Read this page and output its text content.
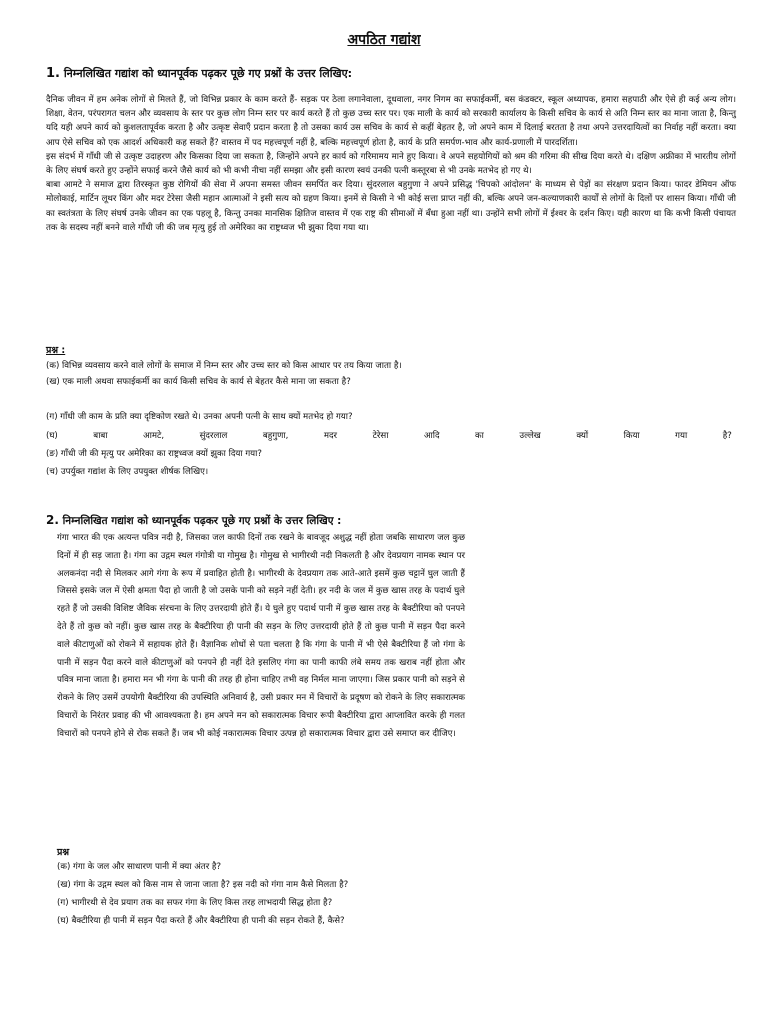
अपठित गद्यांश
1. निम्नलिखित गद्यांश को ध्यानपूर्वक पढ़कर पूछे गए प्रश्नों के उत्तर लिखिए:

दैनिक जीवन में हम अनेक लोगों से मिलते हैं, जो विभिन्न प्रकार के काम करते हैं- सड़क पर ठेला लगानेवाला, दूधवाला, नगर निगम का सफाईकर्मी, बस कंडक्टर, स्कूल अध्यापक, हमारा सहपाठी और ऐसे ही कई अन्य लोग। शिक्षा, वेतन, परंपरागत चलन और व्यवसाय के स्तर पर कुछ लोग निम्न स्तर पर कार्य करते हैं तो कुछ उच्च स्तर पर। एक माली के कार्य को सरकारी कार्यालय के किसी सचिव के कार्य से अति निम्न स्तर का माना जाता है, किन्तु यदि यही अपने कार्य को कुशलतापूर्वक करता है और उत्कृष्ट सेवाएँ प्रदान करता है तो उसका कार्य उस सचिव के कार्य से कहीं बेहतर है, जो अपने काम में दिलाई बरतता है तथा अपने उत्तरदायित्वों का निर्वाह नहीं करता। क्या आप ऐसे सचिव को एक आदर्श अधिकारी कह सकते हैं? वास्तव में पद महत्त्वपूर्ण नहीं है, बल्कि महत्त्वपूर्ण होता है, कार्य के प्रति समर्पण-भाव और कार्य-प्रणाली में पारदर्शिता।

इस संदर्भ में गाँधी जी से उत्कृष्ट उदाहरण और किसका दिया जा सकता है, जिन्होंने अपने हर कार्य को गरिमामय माने हुए किया। वे अपने सहयोगियों को श्रम की गरिमा की सीख दिया करते थे। दक्षिण अफ्रीका में भारतीय लोगों के लिए संघर्ष करते हुए उन्होंने सफाई करने जैसे कार्य को भी कभी नीचा नहीं समझा और इसी कारण स्वयं उनकी पत्नी कस्तूरबा से भी उनके मतभेद हो गए थे।

बाबा आमटे ने समाज द्वारा तिरस्कृत कुष्ठ रोगियों की सेवा में अपना समस्त जीवन समर्पित कर दिया। सुंदरलाल बहुगुणा ने अपने प्रसिद्ध 'चिपको आंदोलन' के माध्यम से पेड़ों का संरक्षण प्रदान किया। फादर डेमियन ऑफ मोलोकाई, मार्टिन लूथर किंग और मदर टेरेसा जैसी महान आत्माओं ने इसी सत्य को ग्रहण किया। इनमें से किसी ने भी कोई सत्ता प्राप्त नहीं की, बल्कि अपने जन-कल्याणकारी कार्यों से लोगों के दिलों पर शासन किया। गाँधी जी का स्वतंत्रता के लिए संघर्ष उनके जीवन का एक पहलू है, किन्तु उनका मानसिक क्षितिज वास्तव में एक राष्ट्र की सीमाओं में बँधा हुआ नहीं था। उन्होंने सभी लोगों में ईश्वर के दर्शन किए। यही कारण था कि कभी किसी पंचायत तक के सदस्य नहीं बनने वाले गाँधी जी की जब मृत्यु हुई तो अमेरिका का राष्ट्रध्वज भी झुका दिया गया था।

प्रश्न :
(क) विभिन्न व्यवसाय करने वाले लोगों के समाज में निम्न स्तर और उच्च स्तर को किस आधार पर तय किया जाता है।
(ख) एक माली अथवा सफाईकर्मी का कार्य किसी सचिव के कार्य से बेहतर कैसे माना जा सकता है?
(ग) गाँधी जी काम के प्रति क्या दृष्टिकोण रखते थे। उनका अपनी पत्नी के साथ क्यों मतभेद हो गया?
(घ)	बाबा	आमटे,	सुंदरलाल	बहुगुणा,	मदर	टेरेसा	आदि	का	उल्लेख	क्यों	किया	गया	है?
(ङ) गाँधी जी की मृत्यु पर अमेरिका का राष्ट्रध्वज क्यों झुका दिया गया?
(च) उपर्युक्त गद्यांश के लिए उपयुक्त शीर्षक लिखिए।
2. निम्नलिखित गद्यांश को ध्यानपूर्वक पढ़कर पूछे गए प्रश्नों के उत्तर लिखिए :

गंगा भारत की एक अत्यन्त पवित्र नदी है, जिसका जल काफी दिनों तक रखने के बावजूद अशुद्ध नहीं होता जबकि साधारण जल कुछ दिनों में ही सड़ जाता है। गंगा का उद्गम स्थल गंगोत्री या गोमुख है। गोमुख से भागीरथी नदी निकलती है और देवप्रयाग नामक स्थान पर अलकनंदा नदी से मिलकर आगे गंगा के रूप में प्रवाहित होती है। भागीरथी के देवप्रयाग तक आते-आते इसमें कुछ चट्टानें घुल जाती हैं जिससे इसके जल में ऐसी क्षमता पैदा हो जाती है जो उसके पानी को सड़ने नहीं देती। हर नदी के जल में कुछ खास तरह के पदार्थ घुले रहते हैं जो उसकी विशिष्ट जैविक संरचना के लिए उत्तरदायी होते हैं। ये घुले हुए पदार्थ पानी में कुछ खास तरह के बैक्टीरिया को पनपने देते हैं तो कुछ को नहीं। कुछ खास तरह के बैक्टीरिया ही पानी की सड़न के लिए उत्तरदायी होते हैं तो कुछ पानी में सड़न पैदा करने वाले कीटाणुओं को रोकने में सहायक होते हैं। वैज्ञानिक शोधों से पता चलता है कि गंगा के पानी में भी ऐसे बैक्टीरिया हैं जो गंगा के पानी में सड़न पैदा करने वाले कीटाणुओं को पनपने ही नहीं देते इसलिए गंगा का पानी काफी लंबे समय तक खराब नहीं होता और पवित्र माना जाता है। हमारा मन भी गंगा के पानी की तरह ही होना चाहिए तभी वह निर्मल माना जाएगा। जिस प्रकार पानी को सड़ने से रोकने के लिए उसमें उपयोगी बैक्टीरिया की उपस्थिति अनिवार्य है, उसी प्रकार मन में विचारों के प्रदूषण को रोकने के लिए सकारात्मक विचारों के निरंतर प्रवाह की भी आवश्यकता है। हम अपने मन को सकारात्मक विचार रूपी बैक्टीरिया द्वारा आप्लावित करके ही गलत विचारों को पनपने होने से रोक सकते हैं। जब भी कोई नकारात्मक विचार उत्पन्न हो सकारात्मक विचार द्वारा उसे समाप्त कर दीजिए।

प्रश्न
(क) गंगा के जल और साधारण पानी में क्या अंतर है?
(ख) गंगा के उद्गम स्थल को किस नाम से जाना जाता है? इस नदी को गंगा नाम कैसे मिलता है?
(ग) भागीरथी से देव प्रयाग तक का सफर गंगा के लिए किस तरह लाभदायी सिद्ध होता है?
(घ) बैक्टीरिया ही पानी में सड़न पैदा करते हैं और बैक्टीरिया ही पानी की सड़न रोकते हैं, कैसे?
